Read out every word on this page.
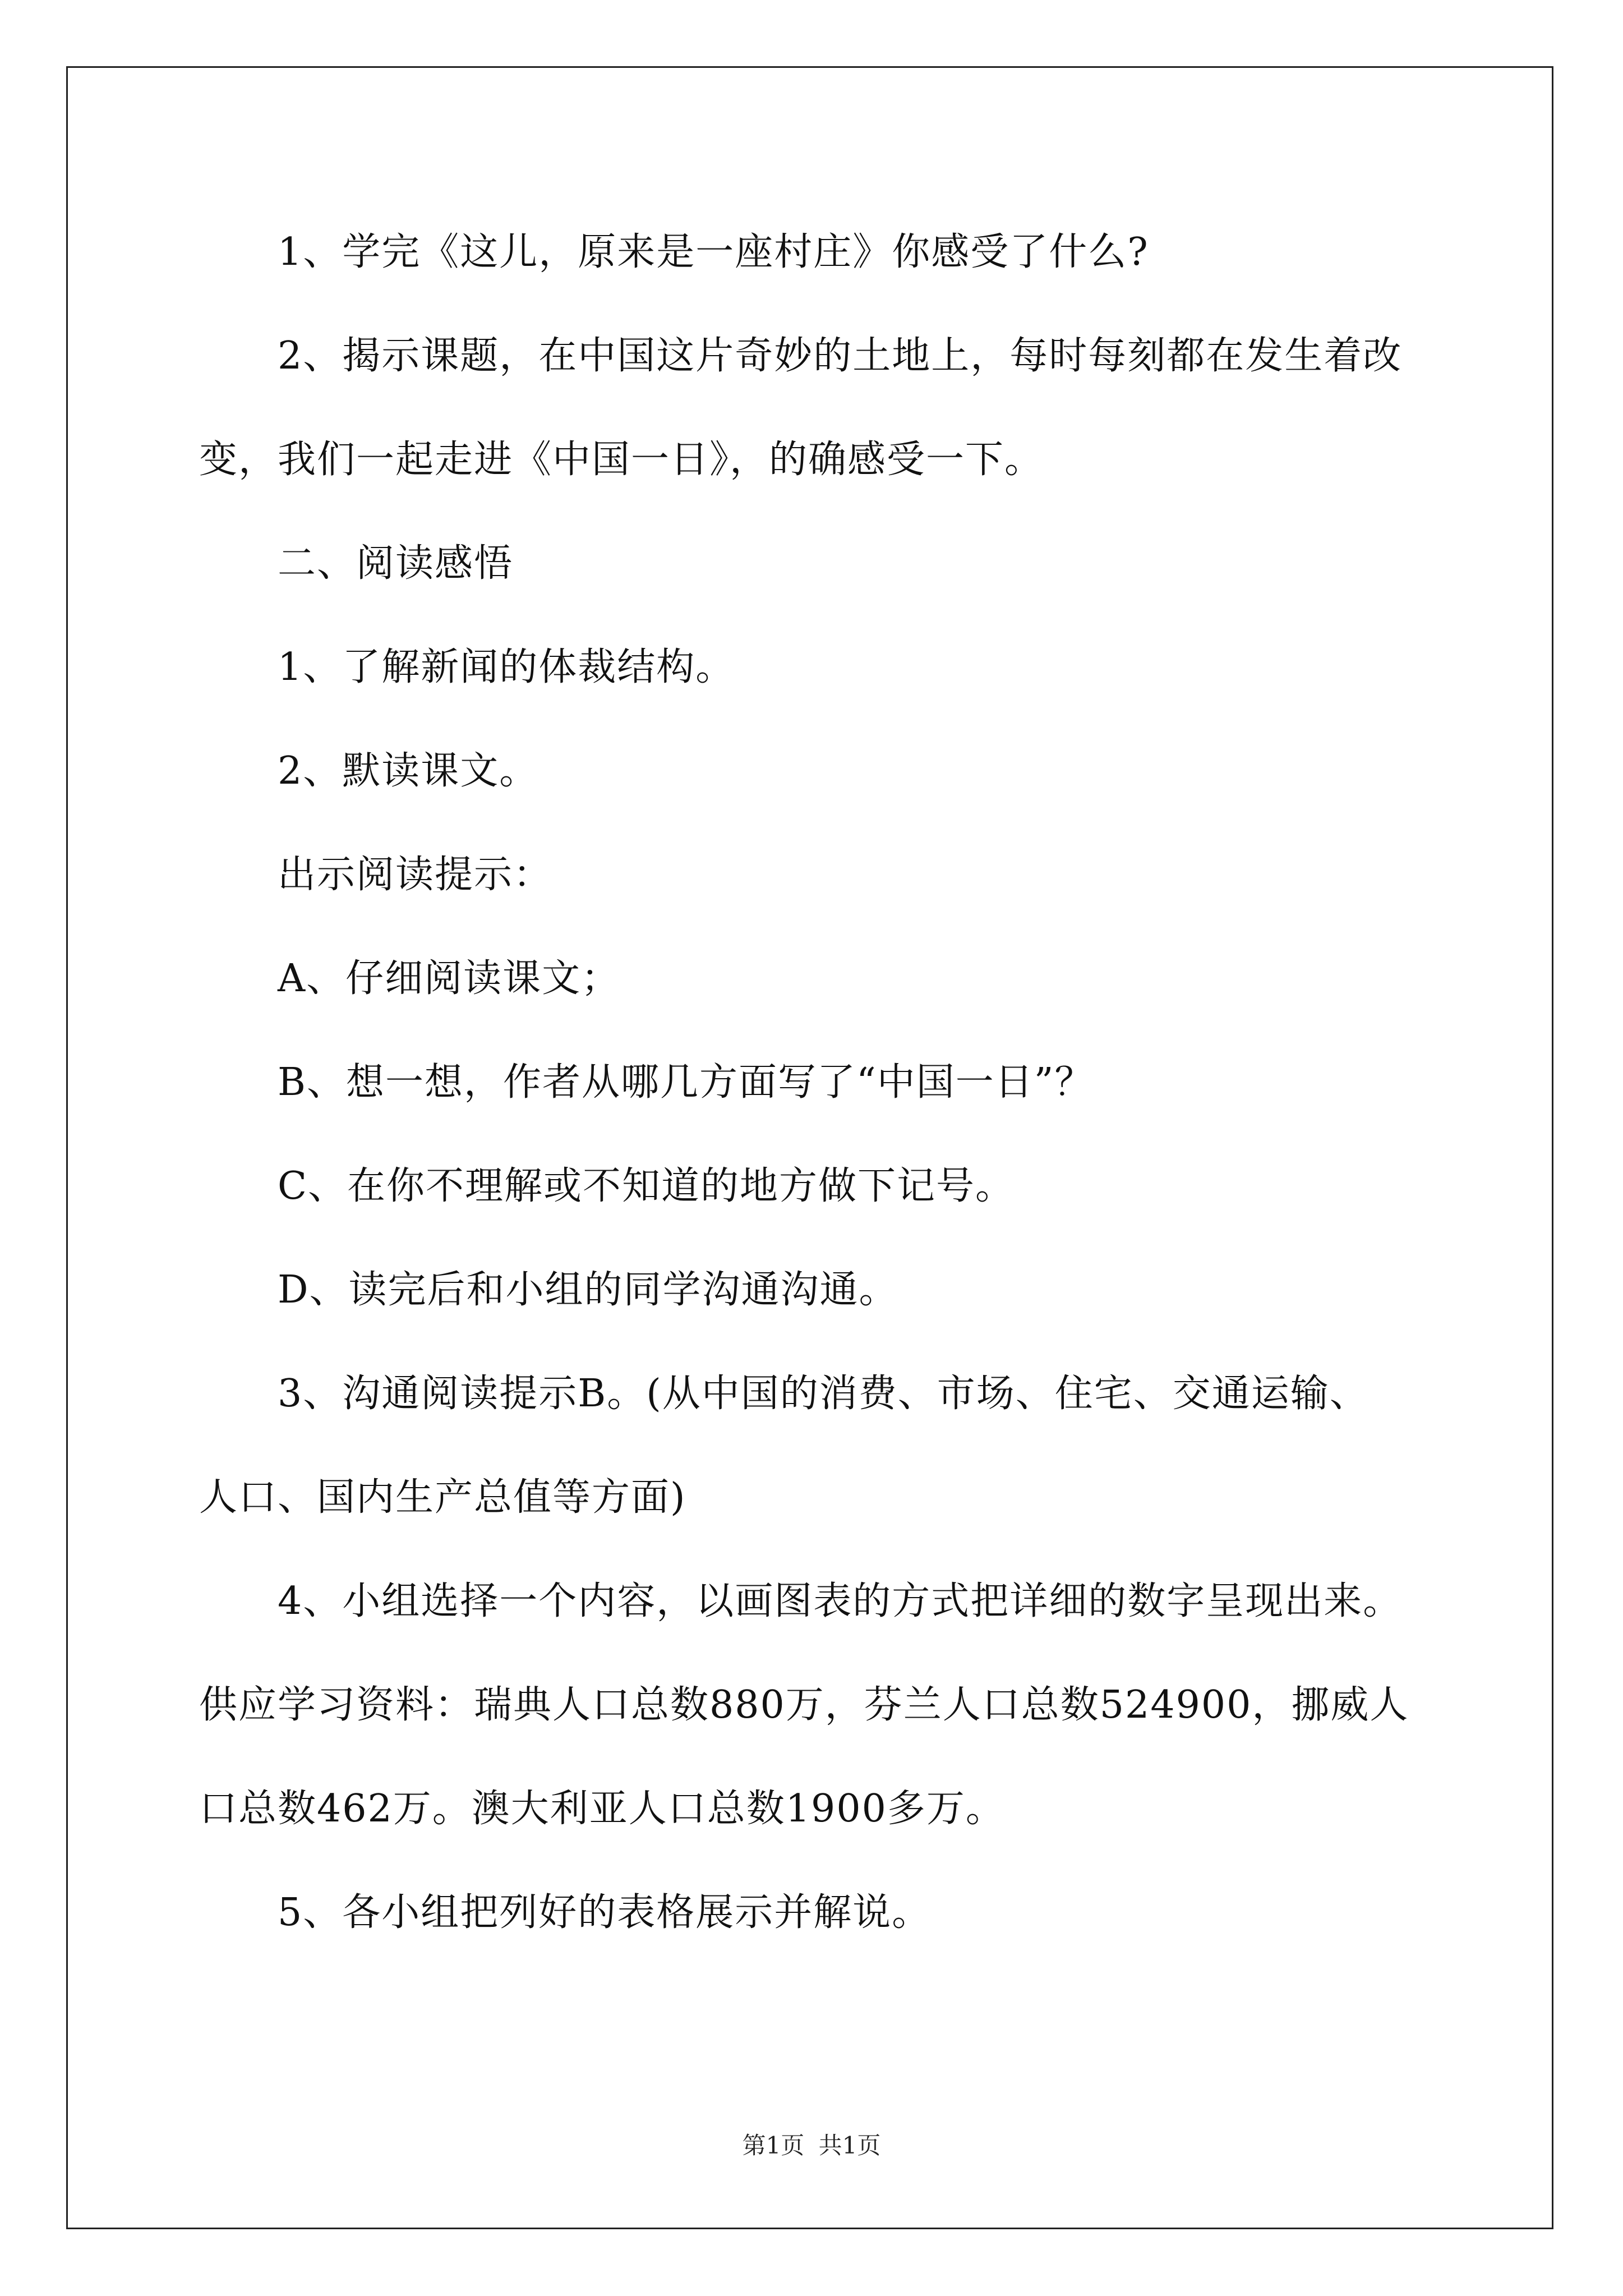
1、学完《这儿，原来是一座村庄》你感受了什么?

2、揭示课题，在中国这片奇妙的土地上，每时每刻都在发生着改

变，我们一起走进《中国一日》，的确感受一下。

二、阅读感悟

1、了解新闻的体裁结构。

2、默读课文。

出示阅读提示：

A、仔细阅读课文；

B、想一想，作者从哪几方面写了“中国一日”？

C、在你不理解或不知道的地方做下记号。

D、读完后和小组的同学沟通沟通。

3、沟通阅读提示B。(从中国的消费、市场、住宅、交通运输、

人口、国内生产总值等方面)

4、小组选择一个内容，以画图表的方式把详细的数字呈现出来。

供应学习资料：瑞典人口总数880万，芬兰人口总数524900，挪威人

口总数462万。澳大利亚人口总数1900多万。

5、各小组把列好的表格展示并解说。

第1页 共1页
